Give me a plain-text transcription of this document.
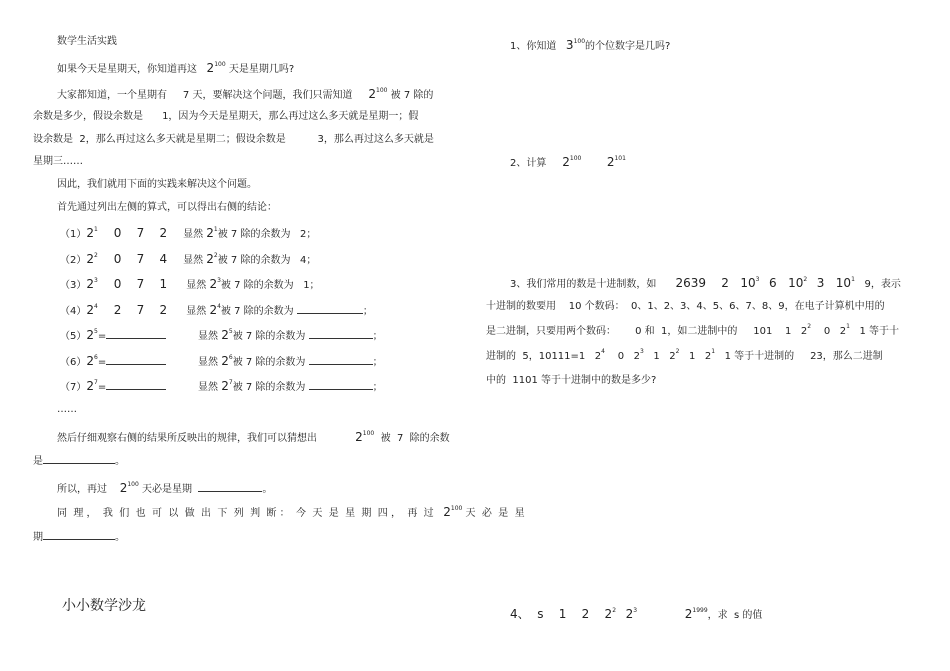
数学生活实践
如果今天是星期天，你知道再这 $2^{100}$ 天是星期几吗?
大家都知道，一个星期有 7 天，要解决这个问题，我们只需知道 $2^{100}$ 被 7 除的
余数是多少，假设余数是      1，因为今天是星期天，那么再过这么多天就是星期一；假
设余数是  2，那么再过这么多天就是星期二；假设余数是          3，那么再过这么多天就是
星期三……
因此，我们就用下面的实践来解决这个问题。
首先通过列出左侧的算式，可以得出右侧的结论：
$(1)2^1$ 0    7    2 显然 $2^1$被 7 除的余数为 2；
$(2)2^2$ 0    7    4 显然 $2^2$被 7 除的余数为 4；
$(3)2^3$ 0    7    1 显然 $2^3$被 7 除的余数为 1；
$(4)2^4$ 2    7    2 显然 $2^4$被 7 除的余数为	；
$(5)2^5=$	显然 $2^5$被 7 除的余数为	；
$(6)2^6=$	显然 $2^6$被 7 除的余数为	；
$(7)2^7=$	显然 $2^7$被 7 除的余数为	；
……
然后仔细观察右侧的结果所反映出的规律，我们可以猜想出	$2^{100}$ 被  7  除的余数
是	。
所以，再过 $2^{100}$ 天必是星期	。
同  理 ，  我  们  也  可  以  做  出  下  列  判  断 ：  今  天  是  星  期  四 ，  再  过 $2^{100}$ 天  必  是  星
期	。
小小数学沙龙
1、你知道 $3^{100}$的个位数字是几吗?
2、计算 $2^{100}$ $2^{101}$
3、我们常用的数是十进制数，如 2639    2   $10^3$ 6   $10^2$ 3   $10^1$ 9，表示
十进制的数要用    10 个数码：  0、1、2、3、4、5、6、7、8、9，在电子计算机中用的
是二进制，只要用两个数码：      0 和  1，如二进制中的     101    1   $2^2$ 0   $2^1$ 1 等于十
进制的  5，10111=1   $2^4$ 0   $2^3$ 1   $2^2$ 1   $2^1$ 1 等于十进制的     23，那么二进制
中的  1101 等于十进制中的数是多少?
4、  s    1    2    $2^2$ $2^3$	$2^{1999}$，求  s 的值
